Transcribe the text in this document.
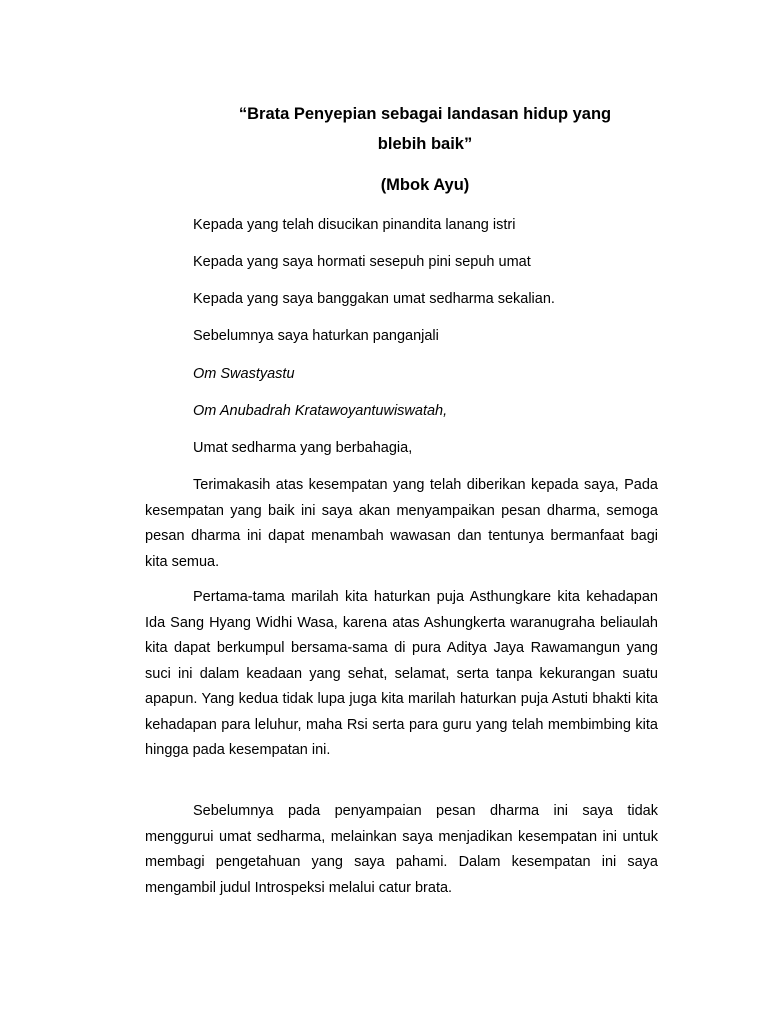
“Brata Penyepian sebagai landasan hidup yang
blebih baik”
(Mbok Ayu)
Kepada yang telah disucikan pinandita lanang istri
Kepada yang saya hormati sesepuh pini sepuh umat
Kepada yang saya banggakan umat sedharma sekalian.
Sebelumnya saya haturkan panganjali
Om Swastyastu
Om Anubadrah Kratawoyantuwiswatah,
Umat sedharma yang berbahagia,

Terimakasih atas kesempatan yang telah diberikan kepada saya, Pada kesempatan yang baik ini saya akan menyampaikan pesan dharma, semoga pesan dharma ini dapat menambah wawasan dan tentunya bermanfaat bagi kita semua.

Pertama-tama marilah kita haturkan puja Asthungkare kita kehadapan Ida Sang Hyang Widhi Wasa, karena atas Ashungkerta waranugraha beliaulah kita dapat berkumpul bersama-sama di pura Aditya Jaya Rawamangun yang suci ini dalam keadaan yang sehat, selamat, serta tanpa kekurangan suatu apapun. Yang kedua tidak lupa juga kita marilah haturkan puja Astuti bhakti kita kehadapan para leluhur, maha Rsi serta para guru yang telah membimbing kita hingga pada kesempatan ini.

Sebelumnya pada penyampaian pesan dharma ini saya tidak menggurui umat sedharma, melainkan saya menjadikan kesempatan ini untuk membagi pengetahuan yang saya pahami. Dalam kesempatan ini saya mengambil judul Introspeksi melalui catur brata.
